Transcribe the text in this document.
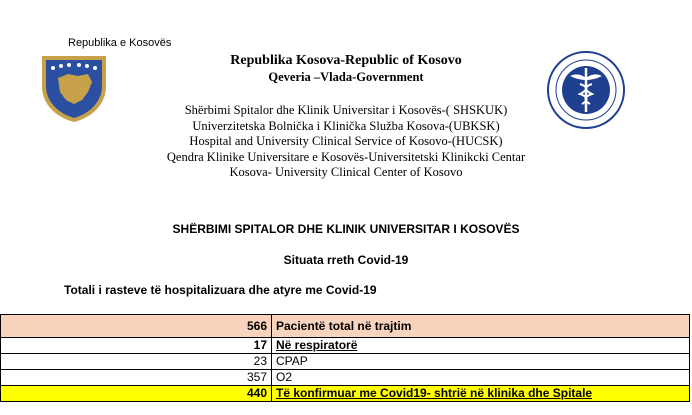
Republika e Kosovës
Republika Kosova-Republic of Kosovo
Qeveria –Vlada-Government
Shërbimi Spitalor dhe Klinik Universitar i Kosovës-( SHSKUK)
Univerzitetska Bolnička i Klinička Služba Kosova-(UBKSK)
Hospital and University Clinical Service of Kosovo-(HUCSK)
Qendra Klinike Universitare e Kosovës-Universitetski Klinikcki Centar
Kosova- University Clinical Center of Kosovo
SHËRBIMI SPITALOR DHE KLINIK UNIVERSITAR I KOSOVËS
Situata rreth Covid-19
Totali i rasteve të hospitalizuara dhe atyre me Covid-19
566	Pacientë total në trajtim
17	Në respiratorë
23	CPAP
357	O2
440	Të konfirmuar me Covid19- shtrië në klinika dhe Spitale
